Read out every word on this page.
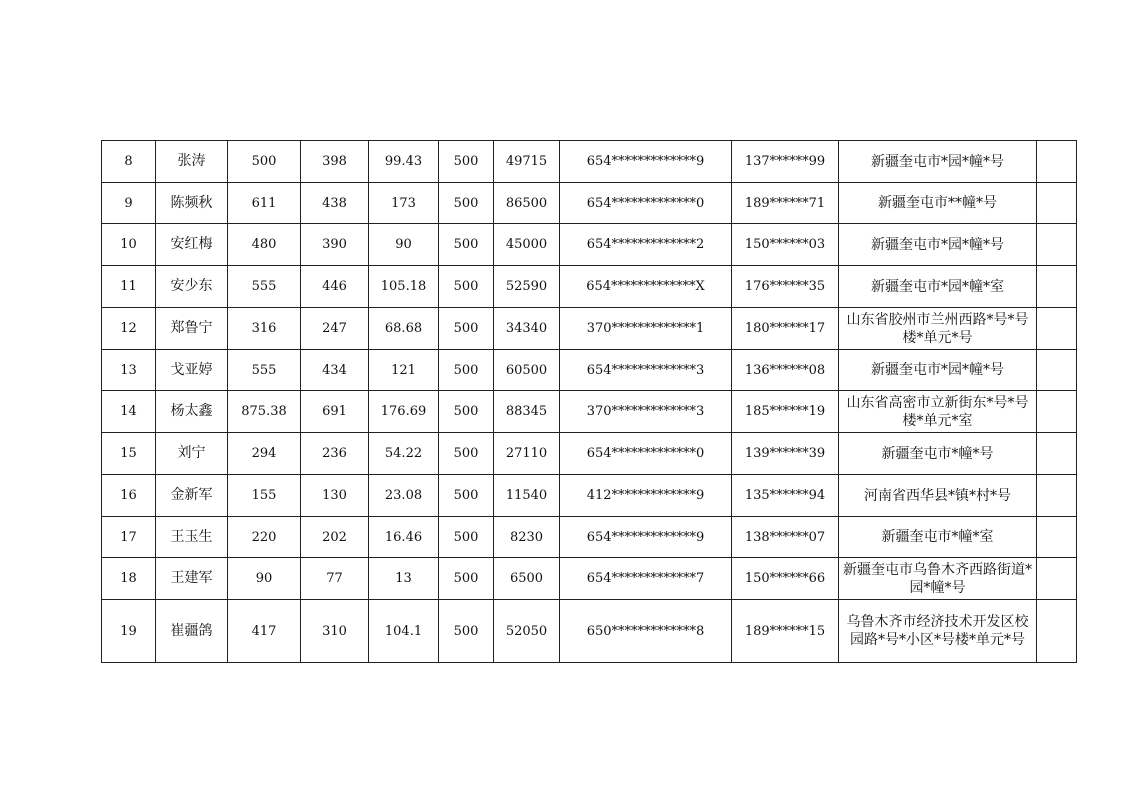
8	张涛	500	398	99.43	500	49715	654*************9	137******99	新疆奎屯市*园*幢*号	
9	陈频秋	611	438	173	500	86500	654*************0	189******71	新疆奎屯市**幢*号	
10	安红梅	480	390	90	500	45000	654*************2	150******03	新疆奎屯市*园*幢*号	
11	安少东	555	446	105.18	500	52590	654*************X	176******35	新疆奎屯市*园*幢*室	
12	郑鲁宁	316	247	68.68	500	34340	370*************1	180******17	山东省胶州市兰州西路*号*号楼*单元*号	
13	戈亚婷	555	434	121	500	60500	654*************3	136******08	新疆奎屯市*园*幢*号	
14	杨太鑫	875.38	691	176.69	500	88345	370*************3	185******19	山东省高密市立新街东*号*号楼*单元*室	
15	刘宁	294	236	54.22	500	27110	654*************0	139******39	新疆奎屯市*幢*号	
16	金新军	155	130	23.08	500	11540	412*************9	135******94	河南省西华县*镇*村*号	
17	王玉生	220	202	16.46	500	8230	654*************9	138******07	新疆奎屯市*幢*室	
18	王建军	90	77	13	500	6500	654*************7	150******66	新疆奎屯市乌鲁木齐西路街道*园*幢*号	
19	崔疆鸽	417	310	104.1	500	52050	650*************8	189******15	乌鲁木齐市经济技术开发区校园路*号*小区*号楼*单元*号	
